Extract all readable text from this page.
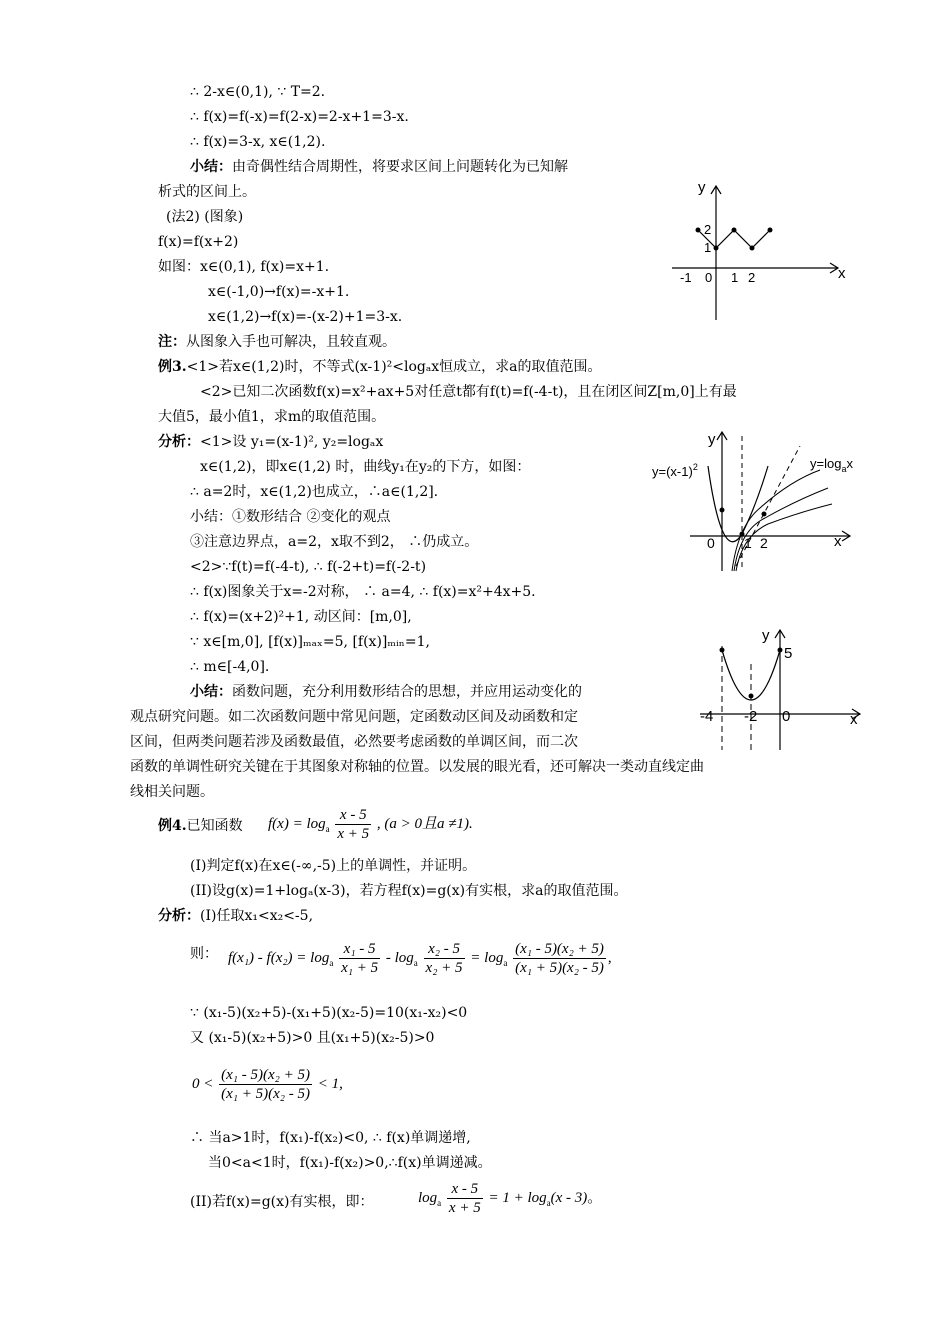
∴ 2-x∈(0,1), ∵ T=2.
∴ f(x)=f(-x)=f(2-x)=2-x+1=3-x.
∴ f(x)=3-x, x∈(1,2).
小结：由奇偶性结合周期性，将要求区间上问题转化为已知解
析式的区间上。
(法2) (图象)
f(x)=f(x+2)
如图：x∈(0,1), f(x)=x+1.
x∈(-1,0)→f(x)=-x+1.
x∈(1,2)→f(x)=-(x-2)+1=3-x.
注：从图象入手也可解决，且较直观。
例3.<1>若x∈(1,2)时，不等式(x-1)²<logₐx恒成立，求a的取值范围。
<2>已知二次函数f(x)=x²+ax+5对任意t都有f(t)=f(-4-t)，且在闭区间Z[m,0]上有最
大值5，最小值1，求m的取值范围。
分析：<1>设 y₁=(x-1)², y₂=logₐx
x∈(1,2)，即x∈(1,2) 时，曲线y₁在y₂的下方，如图：
∴ a=2时，x∈(1,2)也成立，∴a∈(1,2].
小结：①数形结合 ②变化的观点
③注意边界点，a=2，x取不到2， ∴仍成立。
<2>∵f(t)=f(-4-t), ∴ f(-2+t)=f(-2-t)
∴ f(x)图象关于x=-2对称， ∴ a=4, ∴ f(x)=x²+4x+5.
∴ f(x)=(x+2)²+1, 动区间：[m,0],
∵ x∈[m,0], [f(x)]ₘₐₓ=5, [f(x)]ₘᵢₙ=1,
∴ m∈[-4,0].
小结：函数问题，充分利用数形结合的思想，并应用运动变化的
观点研究问题。如二次函数问题中常见问题，定函数动区间及动函数和定
区间，但两类问题若涉及函数最值，必然要考虑函数的单调区间，而二次
函数的单调性研究关键在于其图象对称轴的位置。以发展的眼光看，还可解决一类动直线定曲
线相关问题。
例4.已知函数 $f(x) = \log_a \frac{x - 5}{x + 5}$ , (a > 0且a ≠1).
(I)判定f(x)在x∈(-∞,-5)上的单调性，并证明。
(II)设g(x)=1+logₐ(x-3)，若方程f(x)=g(x)有实根，求a的取值范围。
分析：(I)任取x₁<x₂<-5,
则： $f(x_1) - f(x_2) = \log_a \frac{\text{x₁ - 5}}{\text{x₁ + 5}} - \log_a \frac{\text{x₂ - 5}}{\text{x₂ + 5}} = \log_a \frac{\text{(x₁ - 5)(x₂ + 5)}}{\text{(x₁ + 5)(x₂ - 5)}}$ ,
∵ (x₁-5)(x₂+5)-(x₁+5)(x₂-5)=10(x₁-x₂)<0
又 (x₁-5)(x₂+5)>0 且(x₁+5)(x₂-5)>0
$0 < \frac{\text{(x₁ - 5)(x₂ + 5)}}{\text{(x₁ + 5)(x₂ - 5)}} < 1$,
∴ 当a>1时，f(x₁)-f(x₂)<0, ∴ f(x)单调递增,
当0<a<1时，f(x₁)-f(x₂)>0,∴f(x)单调递减。
(II)若f(x)=g(x)有实根，即：	$\log_a \frac{x - 5}{x + 5} = 1 + \log_a(x - 3)$。
y
x
2
1
-1 0 1 2
y
x
0 1 2
$y=(x-1)^2$	$y=\log_ax$
y
x
5
-4 -2 0
